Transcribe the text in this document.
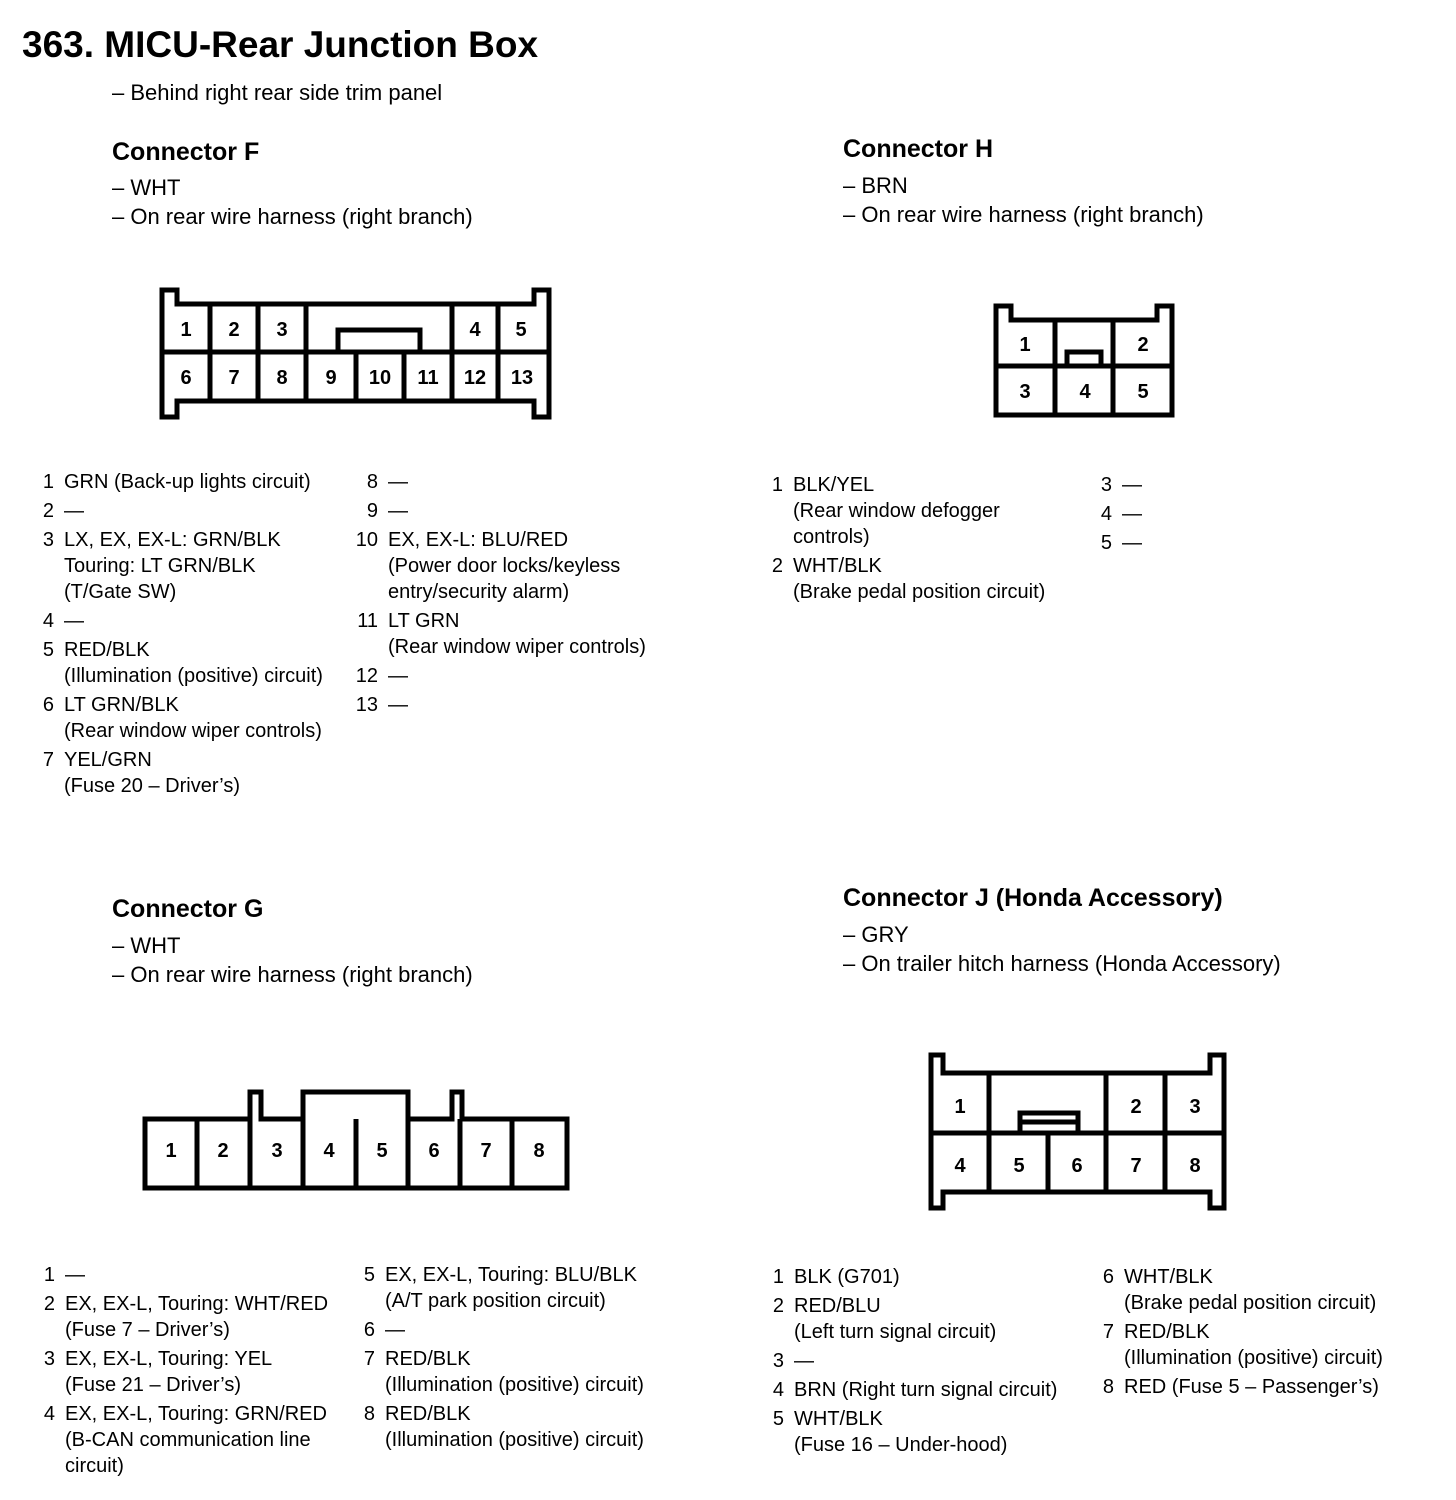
363. MICU-Rear Junction Box
– Behind right rear side trim panel
Connector F
– WHT
– On rear wire harness (right branch)
1 2 3	4 5
6 7 8 9 10 11 12 13
1	2
3 4 5
1 2 3 4 5 6 7 8
1	2 3
4 5 6 7 8
Connector H
– BRN
– On rear wire harness (right branch)
Connector G
– WHT
– On rear wire harness (right branch)
Connector J (Honda Accessory)
– GRY
– On trailer hitch harness (Honda Accessory)
1 GRN (Back-up lights circuit)
2 —
3 LX, EX, EX-L: GRN/BLK
Touring: LT GRN/BLK
(T/Gate SW)
4 —
5 RED/BLK
(Illumination (positive) circuit)
6 LT GRN/BLK
(Rear window wiper controls)
7 YEL/GRN
(Fuse 20 – Driver’s)
8 —
9 —
10 EX, EX-L: BLU/RED
(Power door locks/keyless
entry/security alarm)
11 LT GRN
(Rear window wiper controls)
12 —
13 —
1 BLK/YEL
(Rear window defogger
controls)
2 WHT/BLK
(Brake pedal position circuit)
3 —
4 —
5 —
1 —
2 EX, EX-L, Touring: WHT/RED
(Fuse 7 – Driver’s)
3 EX, EX-L, Touring: YEL
(Fuse 21 – Driver’s)
4 EX, EX-L, Touring: GRN/RED
(B-CAN communication line
circuit)
5 EX, EX-L, Touring: BLU/BLK
(A/T park position circuit)
6 —
7 RED/BLK
(Illumination (positive) circuit)
8 RED/BLK
(Illumination (positive) circuit)
1 BLK (G701)
2 RED/BLU
(Left turn signal circuit)
3 —
4 BRN (Right turn signal circuit)
5 WHT/BLK
(Fuse 16 – Under-hood)
6 WHT/BLK
(Brake pedal position circuit)
7 RED/BLK
(Illumination (positive) circuit)
8 RED (Fuse 5 – Passenger’s)
